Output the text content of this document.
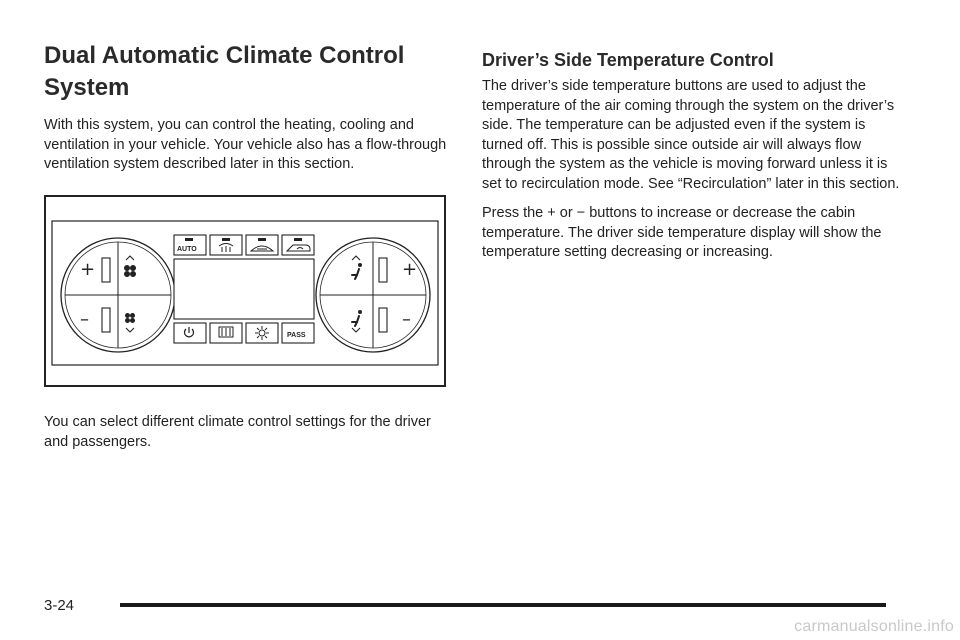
Dual Automatic Climate Control System

With this system, you can control the heating, cooling and ventilation in your vehicle. Your vehicle also has a flow-through ventilation system described later in this section.

+
–
AUTO
PASS
+
–

You can select different climate control settings for the driver and passengers.

Driver’s Side Temperature Control

The driver’s side temperature buttons are used to adjust the temperature of the air coming through the system on the driver’s side. The temperature can be adjusted even if the system is turned off. This is possible since outside air will always flow through the system as the vehicle is moving forward unless it is set to recirculation mode. See “Recirculation” later in this section.

Press the + or − buttons to increase or decrease the cabin temperature. The driver side temperature display will show the temperature setting decreasing or increasing.

3-24
carmanualsonline.info
